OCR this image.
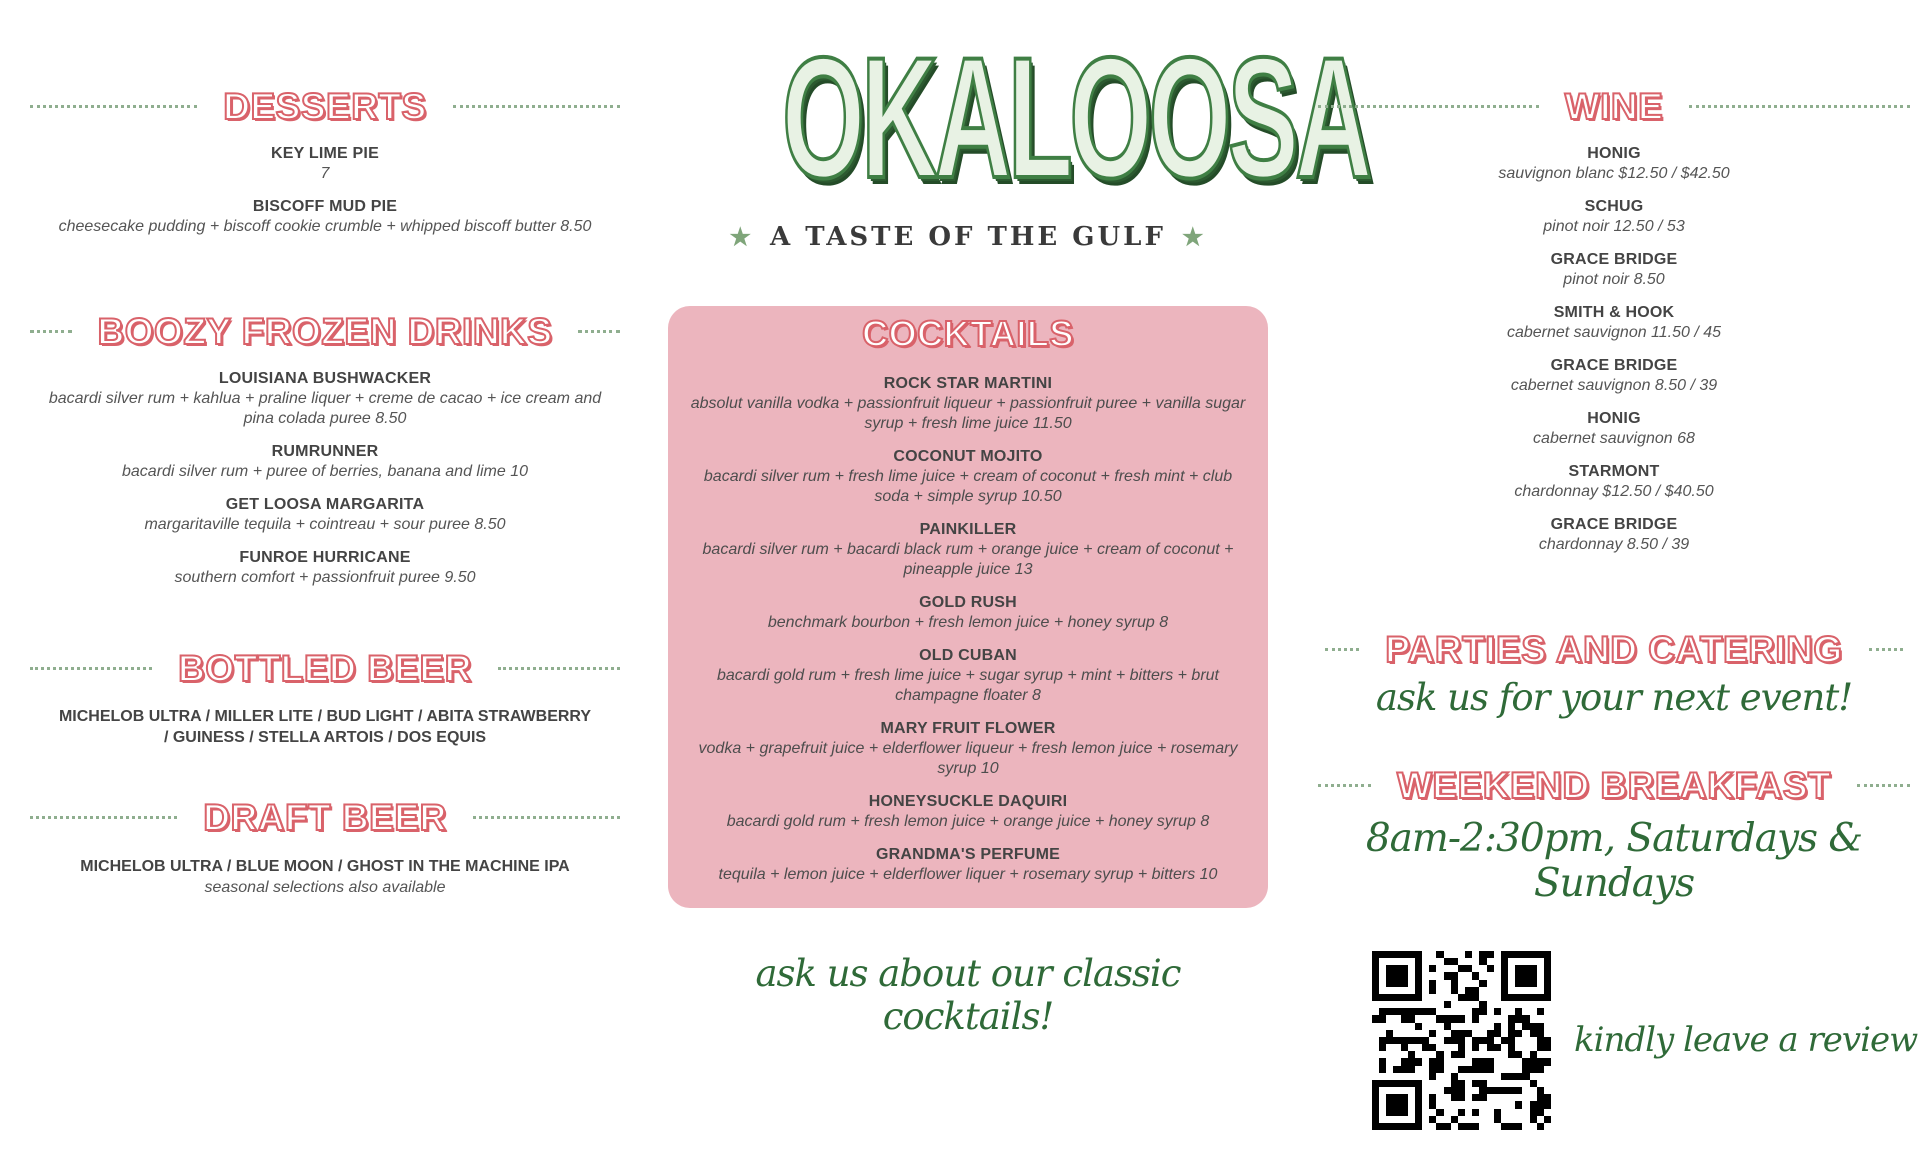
DESSERTS
KEY LIME PIE
7
BISCOFF MUD PIE
cheesecake pudding + biscoff cookie crumble + whipped biscoff butter 8.50
BOOZY FROZEN DRINKS
LOUISIANA BUSHWACKER
bacardi silver rum + kahlua + praline liquer + creme de cacao + ice cream and pina colada puree 8.50
RUMRUNNER
bacardi silver rum + puree of berries, banana and lime 10
GET LOOSA MARGARITA
margaritaville tequila + cointreau + sour puree 8.50
FUNROE HURRICANE
southern comfort + passionfruit puree 9.50
BOTTLED BEER
MICHELOB ULTRA / MILLER LITE / BUD LIGHT / ABITA STRAWBERRY / GUINESS / STELLA ARTOIS / DOS EQUIS
DRAFT BEER
MICHELOB ULTRA / BLUE MOON / GHOST IN THE MACHINE IPA
seasonal selections also available
OKALOOSA
★ A TASTE OF THE GULF ★
COCKTAILS
ROCK STAR MARTINI
absolut vanilla vodka + passionfruit liqueur + passionfruit puree + vanilla sugar syrup + fresh lime juice 11.50
COCONUT MOJITO
bacardi silver rum + fresh lime juice + cream of coconut + fresh mint + club soda + simple syrup 10.50
PAINKILLER
bacardi silver rum + bacardi black rum + orange juice + cream of coconut + pineapple juice 13
GOLD RUSH
benchmark bourbon + fresh lemon juice + honey syrup 8
OLD CUBAN
bacardi gold rum + fresh lime juice + sugar syrup + mint + bitters + brut champagne floater 8
MARY FRUIT FLOWER
vodka + grapefruit juice + elderflower liqueur + fresh lemon juice + rosemary syrup 10
HONEYSUCKLE DAQUIRI
bacardi gold rum + fresh lemon juice + orange juice + honey syrup 8
GRANDMA'S PERFUME
tequila + lemon juice + elderflower liquer + rosemary syrup + bitters 10
ask us about our classic cocktails!
WINE
HONIG
sauvignon blanc $12.50 / $42.50
SCHUG
pinot noir 12.50 / 53
GRACE BRIDGE
pinot noir 8.50
SMITH & HOOK
cabernet sauvignon 11.50 / 45
GRACE BRIDGE
cabernet sauvignon 8.50 / 39
HONIG
cabernet sauvignon 68
STARMONT
chardonnay $12.50 / $40.50
GRACE BRIDGE
chardonnay 8.50 / 39
PARTIES AND CATERING
ask us for your next event!
WEEKEND BREAKFAST
8am-2:30pm, Saturdays & Sundays
kindly leave a review
